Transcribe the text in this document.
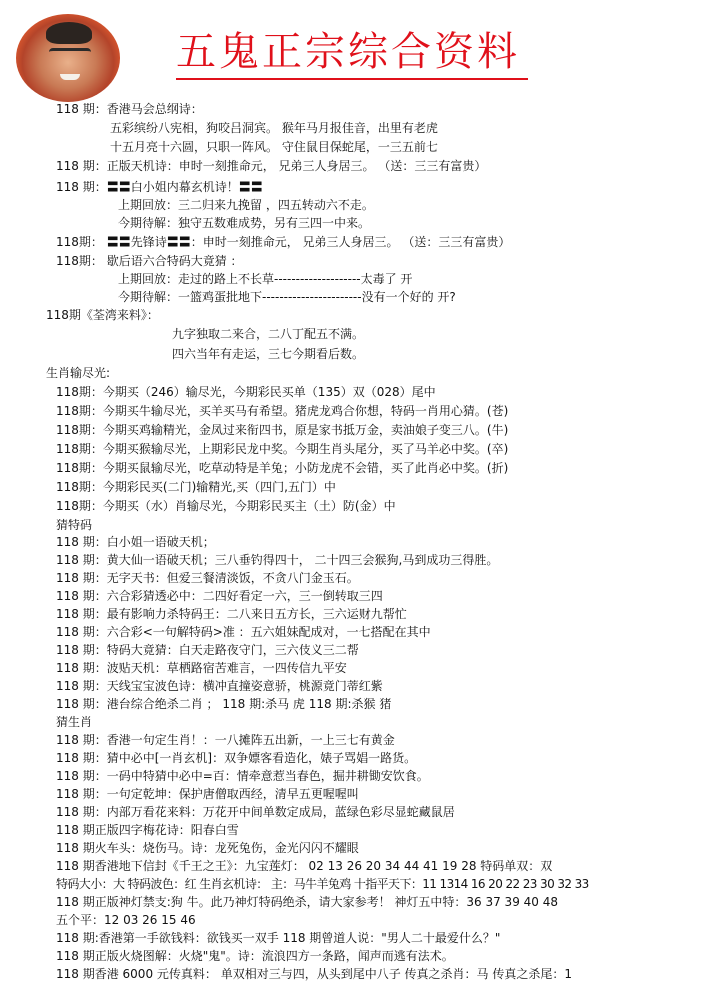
五鬼正宗综合资料
118 期：香港马会总纲诗：
五彩缤纷八宪相，狗咬吕洞宾。 猴年马月报佳音，出里有老虎
十五月亮十六圆，只职一阵风。 守住鼠目保蛇尾，一三五前七
118 期：正版天机诗：申时一刻推命元， 兄弟三人身居三。 （送：三三有富贵）
118 期：〓〓白小姐内幕玄机诗！〓〓
上期回放：三二归来九挽留 ，四五转动六不走。
今期待解：独守五数难成势，另有三四一中来。
118期： 〓〓先锋诗〓〓：申时一刻推命元， 兄弟三人身居三。 （送：三三有富贵）
118期： 歇后语六合特码大竟猜 ：
上期回放：走过的路上不长草--------------------太毒了 开
今期待解：一篮鸡蛋批地下-----------------------没有一个好的 开?
118期《荃湾来料》：
九字独取二来合，二八丁配五不满。
四六当年有走运，三七今期看后数。
生肖输尽光:
118期：今期买（246）输尽光，今期彩民买单（135）双（028）尾中
118期：今期买牛输尽光，买羊买马有希望。猪虎龙鸡合你想，特码一肖用心猜。(苍)
118期：今期买鸡输精光，金凤过来衔四书，原是家书抵万金，卖油娘子变三八。(牛)
118期：今期买猴输尽光，上期彩民龙中奖。今期生肖头尾分，买了马羊必中奖。(卒)
118期：今期买鼠输尽光，吃草动特是羊兔；小防龙虎不会错，买了此肖必中奖。(折)
118期：今期彩民买(二门)输精光,买（四门,五门）中
118期：今期买（水）肖输尽光，今期彩民买主（土）防(金）中
猜特码
118 期：白小姐一语破天机；
118 期：黄大仙一语破天机；三八垂钓得四十， 二十四三会猴狗,马到成功三得胜。
118 期：无字天书：但爱三餐清淡饭，不贪八门金玉石。
118 期：六合彩猜透必中：二四好看定一六，三一倒转取三四
118 期：最有影响力杀特码王：二八来日五方长，三六运财九帮忙
118 期：六合彩<一句解特码>准 ：五六姐妹配成对，一七搭配在其中
118 期：特码大竟猜：白天走路夜守门，三六伎义三二帮
118 期：波贴天机：草栖路宿苦难言，一四传信九平安
118 期：天线宝宝波色诗：横冲直撞姿意骄，桃源竟门蒂红紫
118 期：港台综合绝杀二肖 ； 118 期:杀马 虎 118 期:杀猴 猪
猜生肖
118 期：香港一句定生肖！：一八摊阵五出新，一上三七有黄金
118 期：猜中必中[一肖玄机]：双争嫖客看造化，婊子骂娼一路货。
118 期：一码中特猜中必中=百：情牵意惹当春色，掘井耕锄安饮食。
118 期：一句定乾坤：保护唐僧取西经，清早五更喔喔叫
118 期：内部万看花来料：万花开中间单数定成局，蓝绿色彩尽显蛇藏鼠居
118 期正版四字梅花诗：阳春白雪
118 期火车头：烧伤马。诗：龙死兔伤，金光闪闪不耀眼
118 期香港地下信封《千王之王》：九宝莲灯： 02 13 26 20 34 44 41 19 28 特码单双：双
特码大小：大 特码波色：红 生肖玄机诗： 主：马牛羊兔鸡 十指平天下：11 1314 16 20 22 23 30 32 33
118 期正版神灯禁支:狗 牛。此乃神灯特码绝杀，请大家参考！ 神灯五中特：36 37 39 40 48
五个平：12 03 26 15 46
118 期:香港第一手欲钱料：欲钱买一双手 118 期曾道人说："男人二十最爱什么？"
118 期正版火烧图解：火烧"鬼"。诗：流浪四方一条路，闻声而逃有法术。
118 期香港 6000 元传真料： 单双相对三与四，从头到尾中八子 传真之杀肖：马 传真之杀尾：1
